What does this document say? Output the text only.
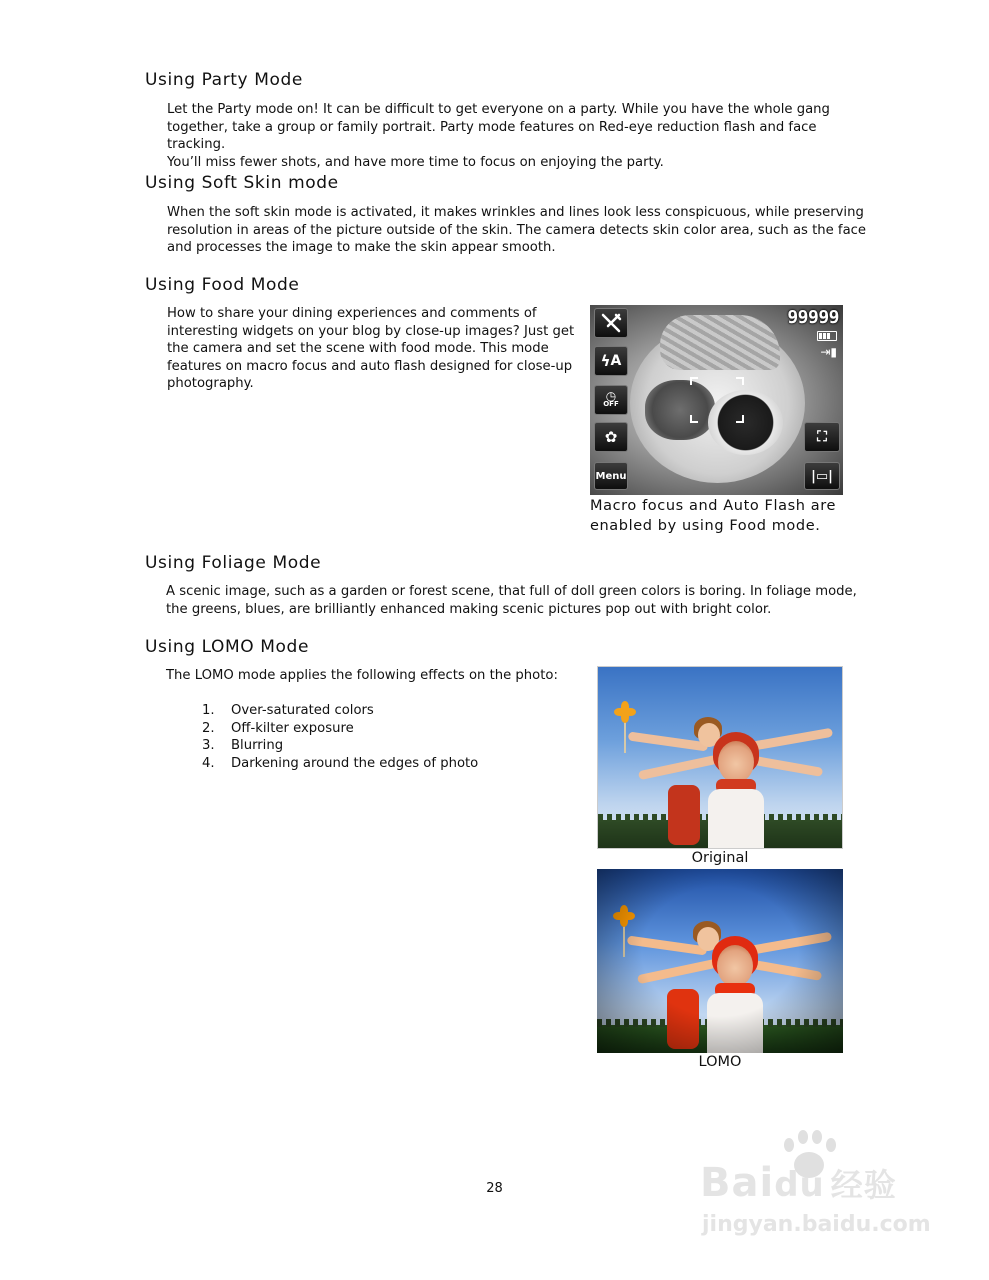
Using Party Mode
Let the Party mode on! It can be difficult to get everyone on a party. While you have the whole gang
together, take a group or family portrait. Party mode features on Red-eye reduction flash and face tracking.
You’ll miss fewer shots, and have more time to focus on enjoying the party.
Using Soft Skin mode
When the soft skin mode is activated, it makes wrinkles and lines look less conspicuous, while preserving
resolution in areas of the picture outside of the skin. The camera detects skin color area, such as the face
and processes the image to make the skin appear smooth.
Using Food Mode
How to share your dining experiences and comments of
interesting widgets on your blog by close-up images? Just get
the camera and set the scene with food mode. This mode
features on macro focus and auto flash designed for close-up
photography.
ϟ A
◷
OFF
✿
Menu
99999
⇥▮
⛶
|▭|
Macro focus and Auto Flash are
enabled by using Food mode.
Using Foliage Mode
A scenic image, such as a garden or forest scene, that full of doll green colors is boring. In foliage mode,
the greens, blues, are brilliantly enhanced making scenic pictures pop out with bright color.
Using LOMO Mode
The LOMO mode applies the following effects on the photo:
1.	Over-saturated colors
2.	Off-kilter exposure
3.	Blurring
4.	Darkening around the edges of photo
Original
LOMO
28	Baidu 经验
jingyan.baidu.com
